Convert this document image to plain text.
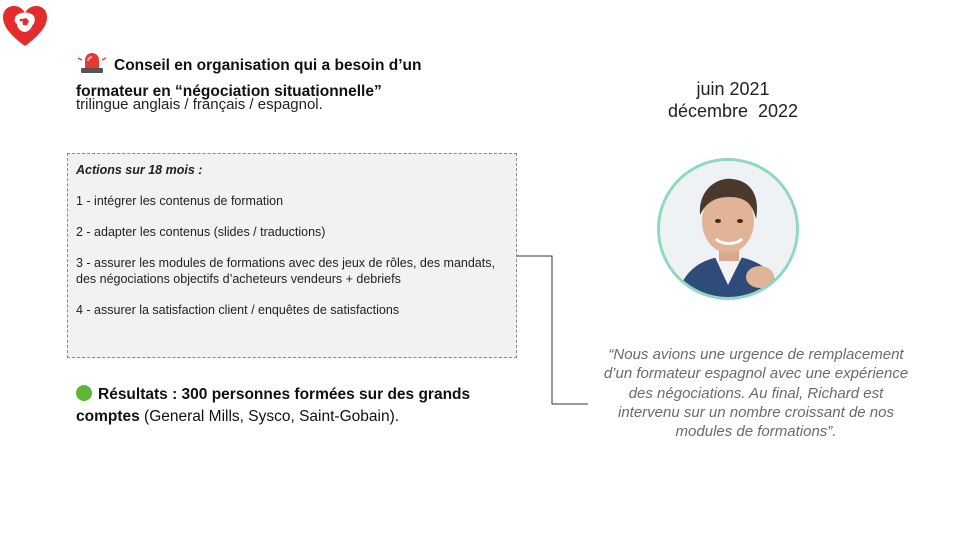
Conseil en organisation qui a besoin d’un formateur en “négociation situationnelle”
trilingue anglais / français / espagnol.
Actions sur 18 mois :
1 - intégrer les contenus de formation
2 - adapter les contenus (slides / traductions)
3 - assurer les modules de formations avec des jeux de rôles, des mandats, des négociations objectifs d’acheteurs vendeurs + debriefs
4 - assurer la satisfaction client / enquêtes de satisfactions
Résultats : 300 personnes formées sur des grands comptes (General Mills, Sysco, Saint-Gobain).
juin 2021
décembre  2022
“Nous avions une urgence de remplacement d’un formateur espagnol avec une expérience des négociations. Au final, Richard est intervenu sur un nombre croissant de nos modules de formations”.
